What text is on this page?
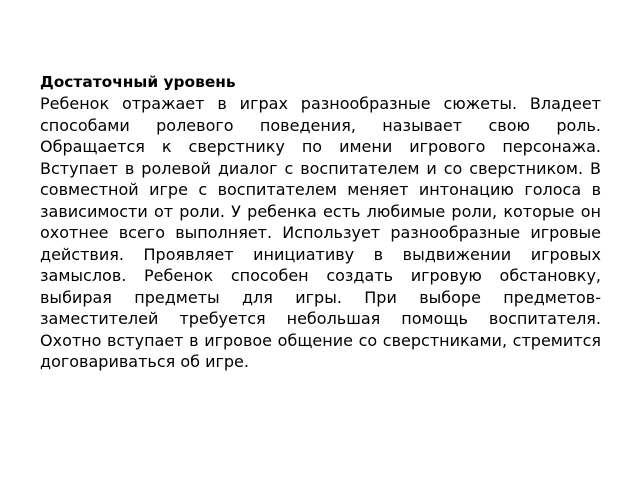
Достаточный уровень

Ребенок отражает в играх разнообразные сюжеты. Владеет способами ролевого поведения, называет свою роль. Обращается к сверстнику по имени игрового персонажа. Вступает в ролевой диалог с воспитателем и со сверстником. В совместной игре с воспитателем меняет интонацию голоса в зависимости от роли. У ребенка есть любимые роли, которые он охотнее всего выполняет. Использует разнообразные игровые действия. Проявляет инициативу в выдвижении игровых замыслов. Ребенок способен создать игровую обстановку, выбирая предметы для игры. При выборе предметов-заместителей требуется небольшая помощь воспитателя. Охотно вступает в игровое общение со сверстниками, стремится договариваться об игре.
